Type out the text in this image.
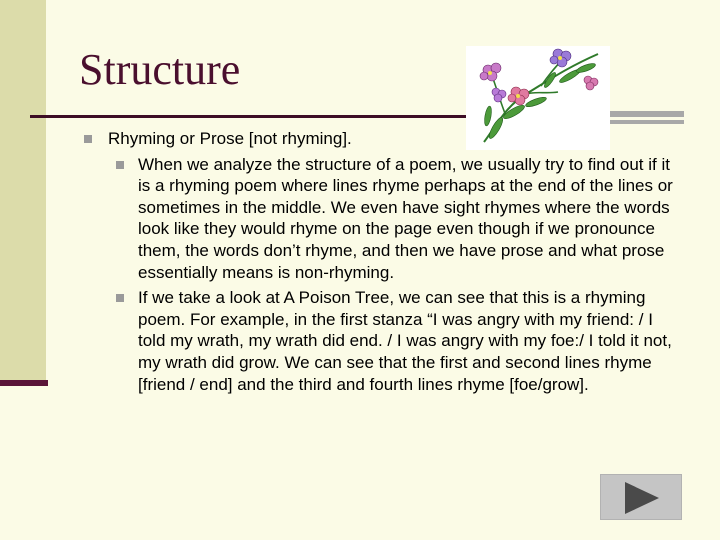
Structure

Rhyming or Prose [not rhyming].

When we analyze the structure of a poem, we usually try to find out if it is a rhyming poem where lines rhyme perhaps at the end of the lines or sometimes in the middle. We even have sight rhymes where the words look like they would rhyme on the page even though if we pronounce them, the words don’t rhyme, and then we have prose and what prose essentially means is non-rhyming.

If we take a look at A Poison Tree, we can see that this is a rhyming poem. For example, in the first stanza “I was angry with my friend: / I told my wrath, my wrath did end. / I was angry with my foe:/ I told it not, my wrath did grow. We can see that the first and second lines rhyme [friend / end] and the third and fourth lines rhyme [foe/grow].
